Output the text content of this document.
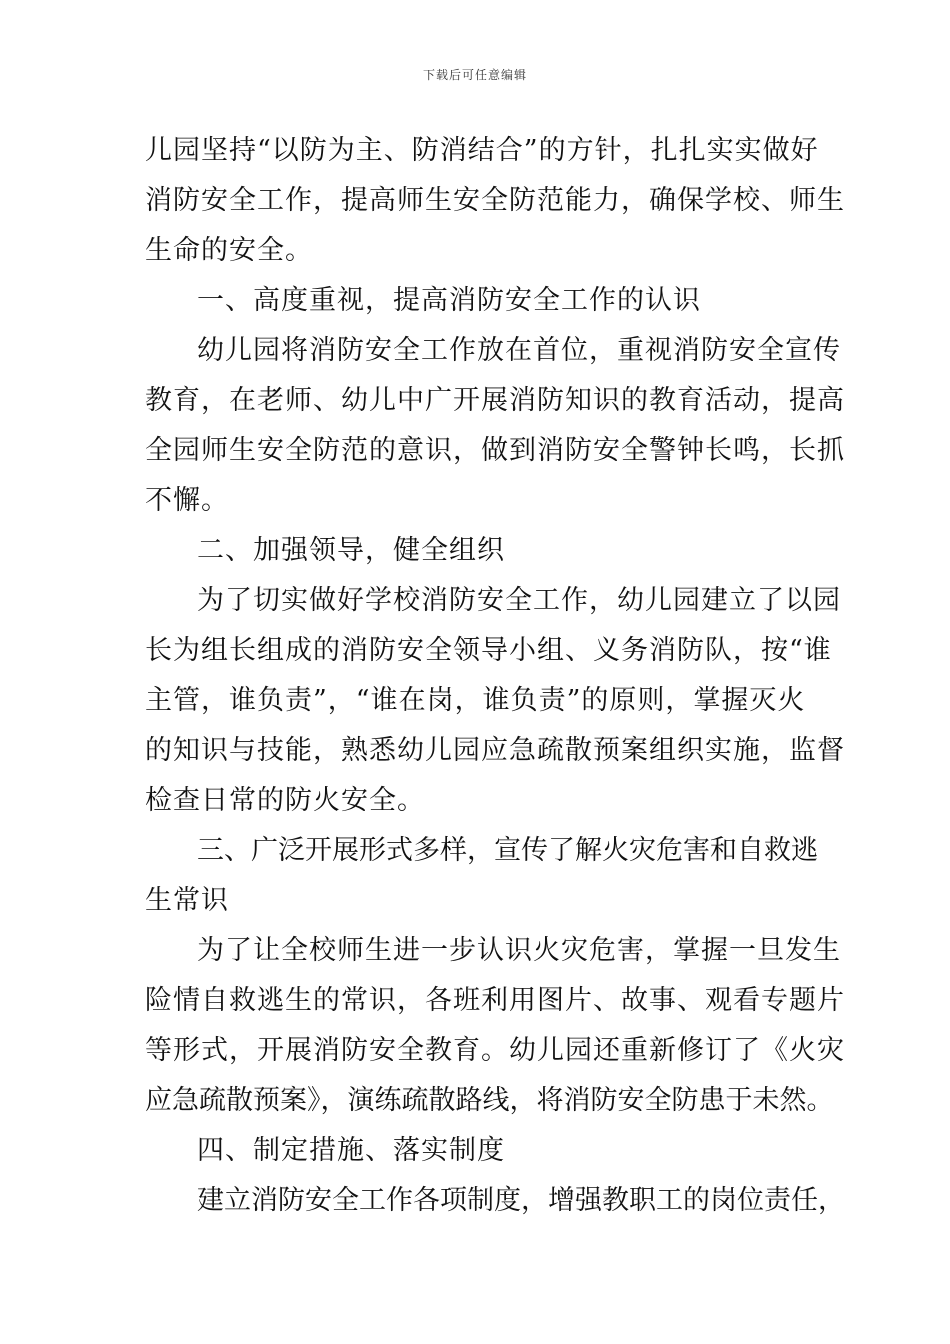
下载后可任意编辑
儿园坚持“以防为主、防消结合”的方针，扎扎实实做好
消防安全工作，提高师生安全防范能力，确保学校、师生
生命的安全。
一、高度重视，提高消防安全工作的认识
幼儿园将消防安全工作放在首位，重视消防安全宣传
教育，在老师、幼儿中广开展消防知识的教育活动，提高
全园师生安全防范的意识，做到消防安全警钟长鸣，长抓
不懈。
二、加强领导，健全组织
为了切实做好学校消防安全工作，幼儿园建立了以园
长为组长组成的消防安全领导小组、义务消防队，按“谁
主管，谁负责”，“谁在岗，谁负责”的原则，掌握灭火
的知识与技能，熟悉幼儿园应急疏散预案组织实施，监督
检查日常的防火安全。
三、广泛开展形式多样，宣传了解火灾危害和自救逃
生常识
为了让全校师生进一步认识火灾危害，掌握一旦发生
险情自救逃生的常识，各班利用图片、故事、观看专题片
等形式，开展消防安全教育。幼儿园还重新修订了《火灾
应急疏散预案》，演练疏散路线，将消防安全防患于未然。
四、制定措施、落实制度
建立消防安全工作各项制度，增强教职工的岗位责任，
